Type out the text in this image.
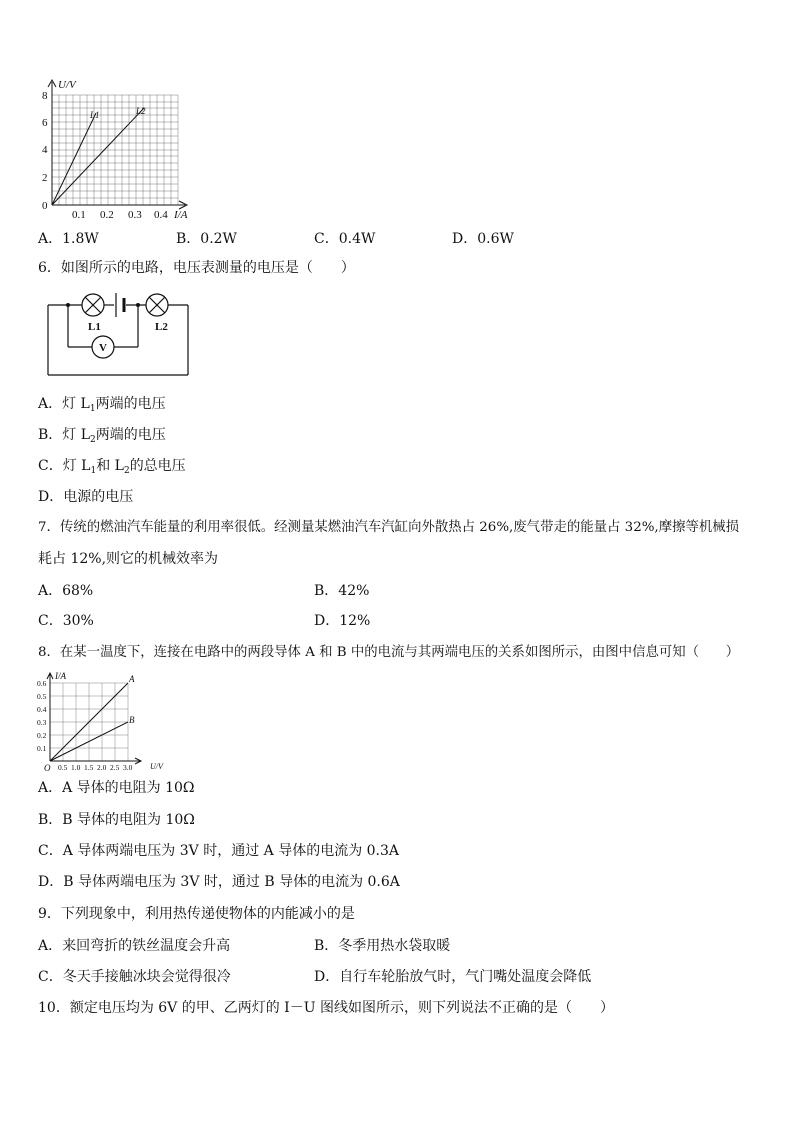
U/V
I/A
L1	L2
8
6
4
2
0
0.1 0.2 0.3 0.4
A．1.8W	B．0.2W	C．0.4W	D．0.6W
6．如图所示的电路，电压表测量的电压是（　　）
L1	L2
V
A．灯 $L_1$两端的电压
B．灯 $L_2$两端的电压
C．灯 $L_1$和 $L_2$的总电压
D．电源的电压
7．传统的燃油汽车能量的利用率很低。经测量某燃油汽车汽缸向外散热占 26%,废气带走的能量占 32%,摩擦等机械损
耗占 12%,则它的机械效率为
A．68%	B．42%
C．30%	D．12%
8．在某一温度下，连接在电路中的两段导体 A 和 B 中的电流与其两端电压的关系如图所示，由图中信息可知（　　）
I/A
U/V
O
A
B
0.6
0.5
0.4
0.3
0.2
0.1
0.5 1.0 1.5 2.0 2.5 3.0
A．A 导体的电阻为 10Ω
B．B 导体的电阻为 10Ω
C．A 导体两端电压为 3V 时，通过 A 导体的电流为 0.3A
D．B 导体两端电压为 3V 时，通过 B 导体的电流为 0.6A
9．下列现象中，利用热传递使物体的内能减小的是
A．来回弯折的铁丝温度会升高	B．冬季用热水袋取暖
C．冬天手接触冰块会觉得很冷	D．自行车轮胎放气时，气门嘴处温度会降低
10．额定电压均为 6V 的甲、乙两灯的 I－U 图线如图所示，则下列说法不正确的是（　　）
